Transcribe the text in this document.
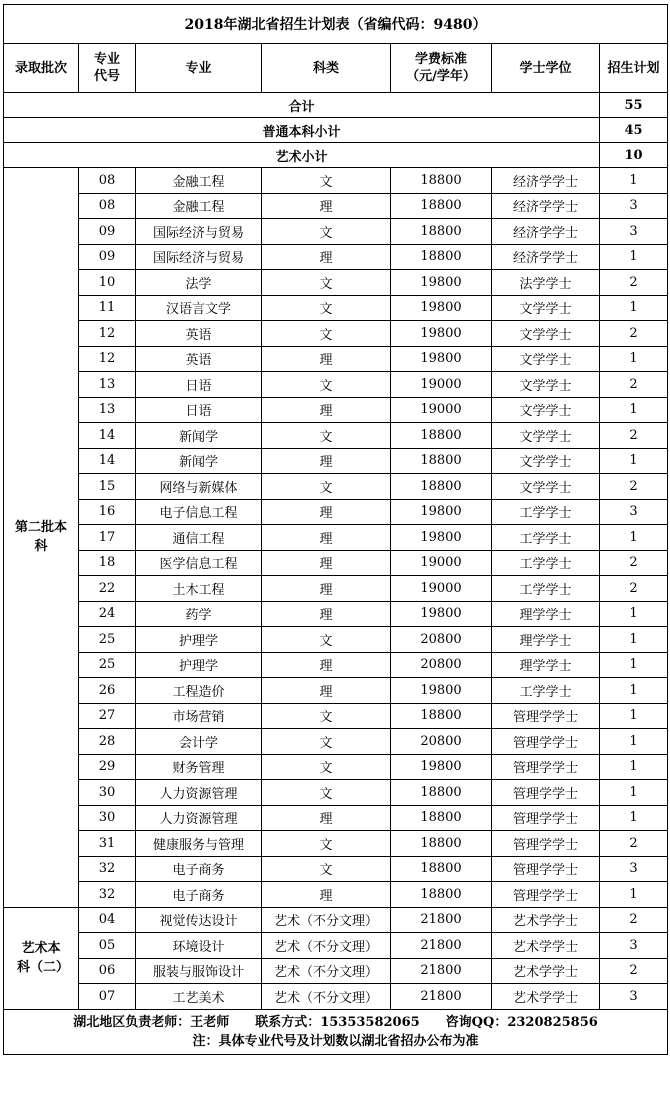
2018年湖北省招生计划表（省编代码：9480）						
录取批次	专业代号	专业	科类	学费标准（元/学年）	学士学位	招生计划
合计						55
普通本科小计						45
艺术小计						10
第二批本科	08	金融工程	文	18800	经济学学士	1
	08	金融工程	理	18800	经济学学士	3
	09	国际经济与贸易	文	18800	经济学学士	3
	09	国际经济与贸易	理	18800	经济学学士	1
	10	法学	文	19800	法学学士	2
	11	汉语言文学	文	19800	文学学士	1
	12	英语	文	19800	文学学士	2
	12	英语	理	19800	文学学士	1
	13	日语	文	19000	文学学士	2
	13	日语	理	19000	文学学士	1
	14	新闻学	文	18800	文学学士	2
	14	新闻学	理	18800	文学学士	1
	15	网络与新媒体	文	18800	文学学士	2
	16	电子信息工程	理	19800	工学学士	3
	17	通信工程	理	19800	工学学士	1
	18	医学信息工程	理	19000	工学学士	2
	22	土木工程	理	19000	工学学士	2
	24	药学	理	19800	理学学士	1
	25	护理学	文	20800	理学学士	1
	25	护理学	理	20800	理学学士	1
	26	工程造价	理	19800	工学学士	1
	27	市场营销	文	18800	管理学学士	1
	28	会计学	文	20800	管理学学士	1
	29	财务管理	文	19800	管理学学士	1
	30	人力资源管理	文	18800	管理学学士	1
	30	人力资源管理	理	18800	管理学学士	1
	31	健康服务与管理	文	18800	管理学学士	2
	32	电子商务	文	18800	管理学学士	3
	32	电子商务	理	18800	管理学学士	1
艺术本科（二）	04	视觉传达设计	艺术（不分文理）	21800	艺术学学士	2
	05	环境设计	艺术（不分文理）	21800	艺术学学士	3
	06	服装与服饰设计	艺术（不分文理）	21800	艺术学学士	2
	07	工艺美术	艺术（不分文理）	21800	艺术学学士	3

湖北地区负责老师：王老师　　联系方式：15353582065　　咨询QQ：2320825856
注：具体专业代号及计划数以湖北省招办公布为准						
